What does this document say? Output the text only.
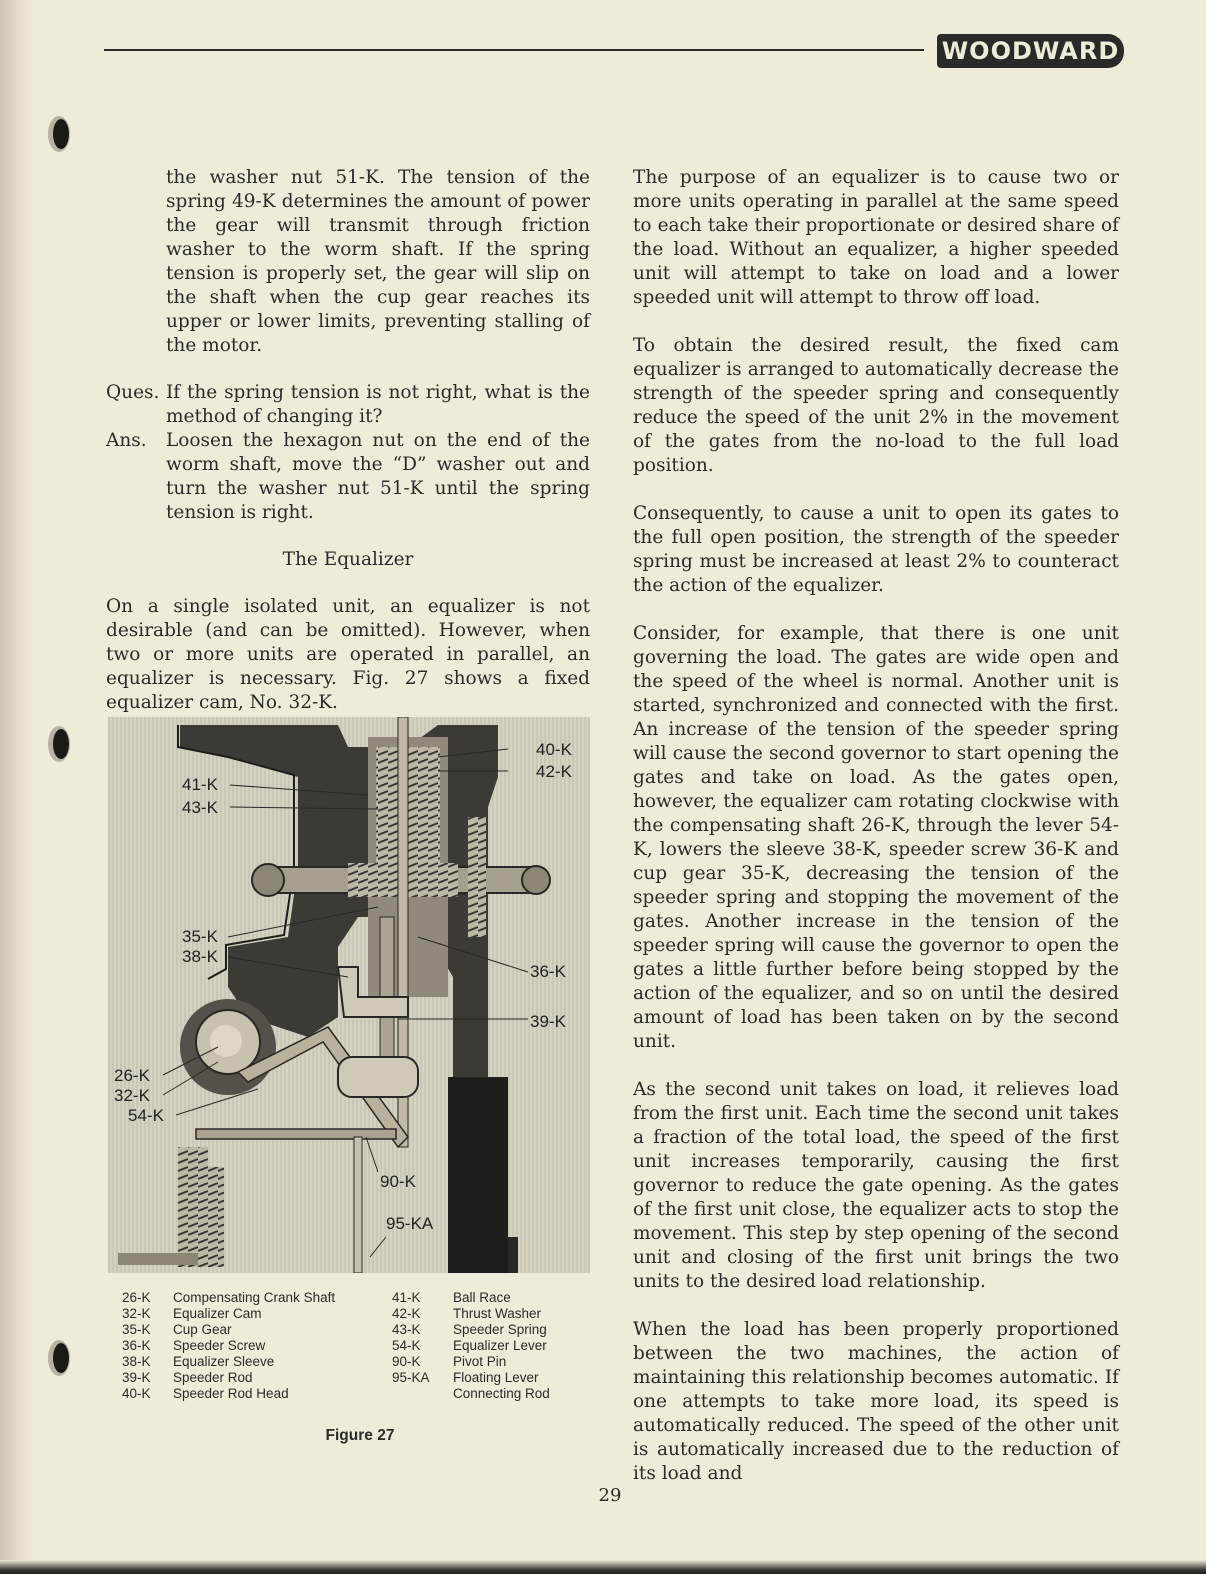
WOODWARD

the washer nut 51-K. The tension of the spring 49-K determines the amount of power the gear will transmit through friction washer to the worm shaft. If the spring tension is properly set, the gear will slip on the shaft when the cup gear reaches its upper or lower limits, preventing stalling of the motor.

Ques. If the spring tension is not right, what is the method of changing it?
Ans.	Loosen the hexagon nut on the end of the worm shaft, move the “D” washer out and turn the washer nut 51-K until the spring tension is right.

The Equalizer

On a single isolated unit, an equalizer is not desirable (and can be omitted). However, when two or more units are operated in parallel, an equalizer is necessary. Fig. 27 shows a fixed equalizer cam, No. 32-K.

40-K
42-K
41-K
43-K
35-K
38-K
36-K
39-K
26-K
32-K
54-K
90-K
95-KA
26-K Compensating Crank Shaft	41-K Ball Race
32-K Equalizer Cam	42-K Thrust Washer
35-K Cup Gear	43-K Speeder Spring
36-K Speeder Screw	54-K Equalizer Lever
38-K Equalizer Sleeve	90-K Pivot Pin
39-K Speeder Rod	95-KA Floating Lever
40-K Speeder Rod Head	Connecting Rod
Figure 27

The purpose of an equalizer is to cause two or more units operating in parallel at the same speed to each take their proportionate or desired share of the load. Without an equalizer, a higher speeded unit will attempt to take on load and a lower speeded unit will attempt to throw off load.

To obtain the desired result, the fixed cam equalizer is arranged to automatically decrease the strength of the speeder spring and consequently reduce the speed of the unit 2% in the movement of the gates from the no-load to the full load position.

Consequently, to cause a unit to open its gates to the full open position, the strength of the speeder spring must be increased at least 2% to counteract the action of the equalizer.

Consider, for example, that there is one unit governing the load. The gates are wide open and the speed of the wheel is normal. Another unit is started, synchronized and connected with the first. An increase of the tension of the speeder spring will cause the second governor to start opening the gates and take on load. As the gates open, however, the equalizer cam rotating clockwise with the compensating shaft 26-K, through the lever 54-K, lowers the sleeve 38-K, speeder screw 36-K and cup gear 35-K, decreasing the tension of the speeder spring and stopping the movement of the gates. Another increase in the tension of the speeder spring will cause the governor to open the gates a little further before being stopped by the action of the equalizer, and so on until the desired amount of load has been taken on by the second unit.

As the second unit takes on load, it relieves load from the first unit. Each time the second unit takes a fraction of the total load, the speed of the first unit increases temporarily, causing the first governor to reduce the gate opening. As the gates of the first unit close, the equalizer acts to stop the movement. This step by step opening of the second unit and closing of the first unit brings the two units to the desired load relationship.

When the load has been properly proportioned between the two machines, the action of maintaining this relationship becomes automatic. If one attempts to take more load, its speed is automatically reduced. The speed of the other unit is automatically increased due to the reduction of its load and

29
